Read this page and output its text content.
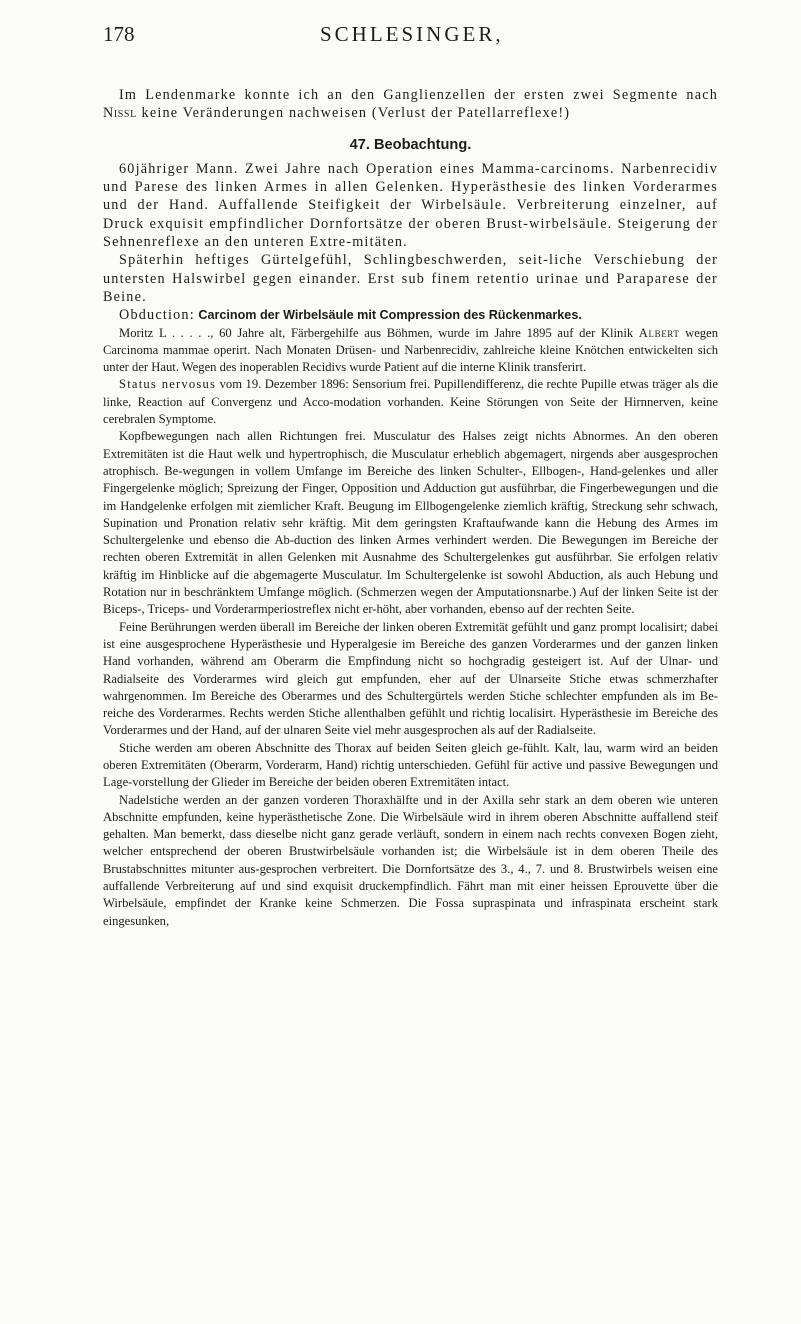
178	SCHLESINGER,

Im Lendenmarke konnte ich an den Ganglienzellen der ersten zwei Segmente nach Nissl keine Veränderungen nachweisen (Verlust der Patellarreflexe!)

47. Beobachtung.

60jähriger Mann. Zwei Jahre nach Operation eines Mamma-carcinoms. Narbenrecidiv und Parese des linken Armes in allen Gelenken. Hyperästhesie des linken Vorderarmes und der Hand. Auffallende Steifigkeit der Wirbelsäule. Verbreiterung einzelner, auf Druck exquisit empfindlicher Dornfortsätze der oberen Brust-wirbelsäule. Steigerung der Sehnenreflexe an den unteren Extre-mitäten.

Späterhin heftiges Gürtelgefühl, Schlingbeschwerden, seit-liche Verschiebung der untersten Halswirbel gegen einander. Erst sub finem retentio urinae und Paraparese der Beine.

Obduction: Carcinom der Wirbelsäule mit Compression des Rückenmarkes.

Moritz L . . . . ., 60 Jahre alt, Färbergehilfe aus Böhmen, wurde im Jahre 1895 auf der Klinik Albert wegen Carcinoma mammae operirt. Nach Monaten Drüsen- und Narbenrecidiv, zahlreiche kleine Knötchen entwickelten sich unter der Haut. Wegen des inoperablen Recidivs wurde Patient auf die interne Klinik transferirt.

Status nervosus vom 19. Dezember 1896: Sensorium frei. Pupillendifferenz, die rechte Pupille etwas träger als die linke, Reaction auf Convergenz und Acco-modation vorhanden. Keine Störungen von Seite der Hirnnerven, keine cerebralen Symptome.

Kopfbewegungen nach allen Richtungen frei. Musculatur des Halses zeigt nichts Abnormes. An den oberen Extremitäten ist die Haut welk und hypertrophisch, die Musculatur erheblich abgemagert, nirgends aber ausgesprochen atrophisch. Be-wegungen in vollem Umfange im Bereiche des linken Schulter-, Ellbogen-, Hand-gelenkes und aller Fingergelenke möglich; Spreizung der Finger, Opposition und Adduction gut ausführbar, die Fingerbewegungen und die im Handgelenke erfolgen mit ziemlicher Kraft. Beugung im Ellbogengelenke ziemlich kräftig, Streckung sehr schwach, Supination und Pronation relativ sehr kräftig. Mit dem geringsten Kraftaufwande kann die Hebung des Armes im Schultergelenke und ebenso die Ab-duction des linken Armes verhindert werden. Die Bewegungen im Bereiche der rechten oberen Extremität in allen Gelenken mit Ausnahme des Schultergelenkes gut ausführbar. Sie erfolgen relativ kräftig im Hinblicke auf die abgemagerte Musculatur. Im Schultergelenke ist sowohl Abduction, als auch Hebung und Rotation nur in beschränktem Umfange möglich. (Schmerzen wegen der Amputationsnarbe.) Auf der linken Seite ist der Biceps-, Triceps- und Vorderarmperiostreflex nicht er-höht, aber vorhanden, ebenso auf der rechten Seite.

Feine Berührungen werden überall im Bereiche der linken oberen Extremität gefühlt und ganz prompt localisirt; dabei ist eine ausgesprochene Hyperästhesie und Hyperalgesie im Bereiche des ganzen Vorderarmes und der ganzen linken Hand vorhanden, während am Oberarm die Empfindung nicht so hochgradig gesteigert ist. Auf der Ulnar- und Radialseite des Vorderarmes wird gleich gut empfunden, eher auf der Ulnarseite Stiche etwas schmerzhafter wahrgenommen. Im Bereiche des Oberarmes und des Schultergürtels werden Stiche schlechter empfunden als im Be-reiche des Vorderarmes. Rechts werden Stiche allenthalben gefühlt und richtig localisirt. Hyperästhesie im Bereiche des Vorderarmes und der Hand, auf der ulnaren Seite viel mehr ausgesprochen als auf der Radialseite.

Stiche werden am oberen Abschnitte des Thorax auf beiden Seiten gleich ge-fühlt. Kalt, lau, warm wird an beiden oberen Extremitäten (Oberarm, Vorderarm, Hand) richtig unterschieden. Gefühl für active und passive Bewegungen und Lage-vorstellung der Glieder im Bereiche der beiden oberen Extremitäten intact.

Nadelstiche werden an der ganzen vorderen Thoraxhälfte und in der Axilla sehr stark an dem oberen wie unteren Abschnitte empfunden, keine hyperästhetische Zone. Die Wirbelsäule wird in ihrem oberen Abschnitte auffallend steif gehalten. Man bemerkt, dass dieselbe nicht ganz gerade verläuft, sondern in einem nach rechts convexen Bogen zieht, welcher entsprechend der oberen Brustwirbelsäule vorhanden ist; die Wirbelsäule ist in dem oberen Theile des Brustabschnittes mitunter aus-gesprochen verbreitert. Die Dornfortsätze des 3., 4., 7. und 8. Brustwirbels weisen eine auffallende Verbreiterung auf und sind exquisit druckempfindlich. Fährt man mit einer heissen Eprouvette über die Wirbelsäule, empfindet der Kranke keine Schmerzen. Die Fossa supraspinata und infraspinata erscheint stark eingesunken,
